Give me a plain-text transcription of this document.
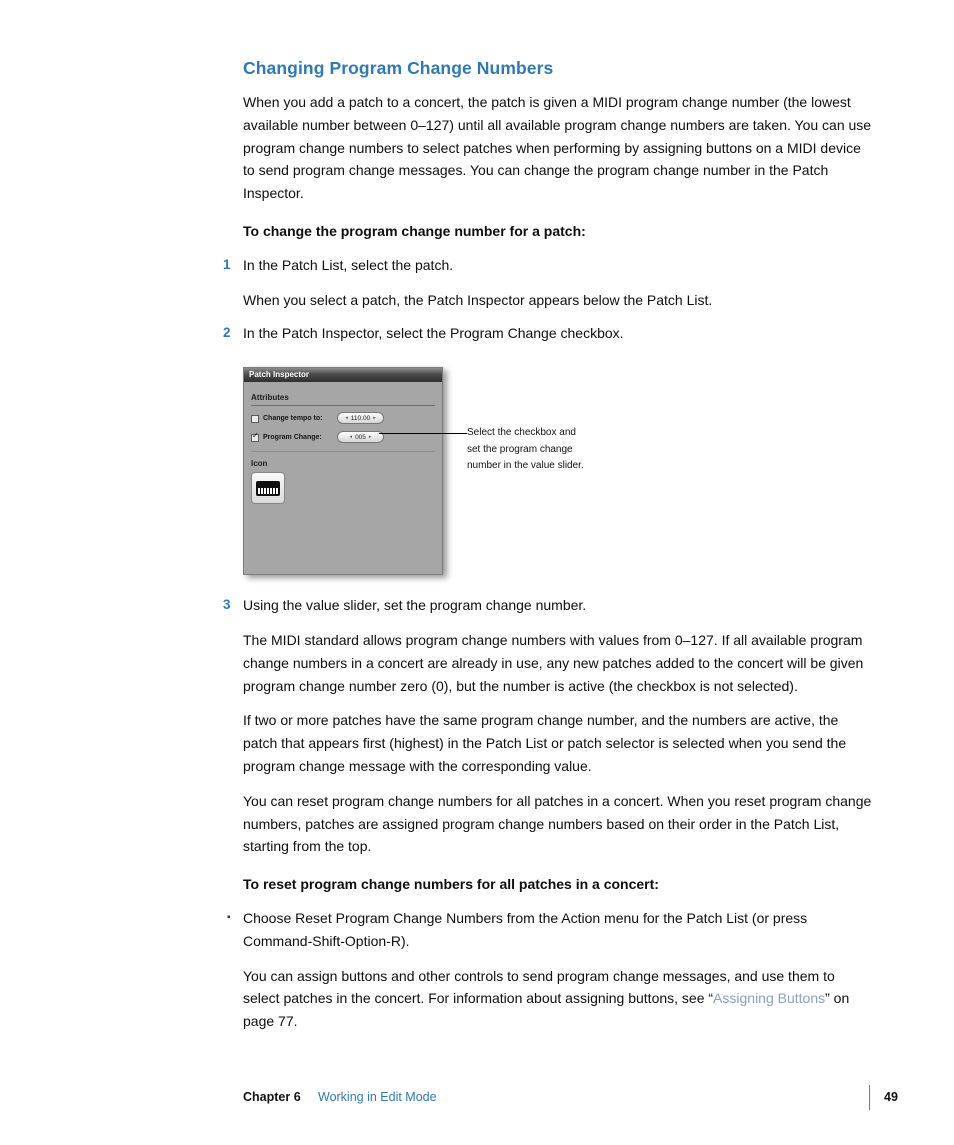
Changing Program Change Numbers

When you add a patch to a concert, the patch is given a MIDI program change number (the lowest available number between 0–127) until all available program change numbers are taken. You can use program change numbers to select patches when performing by assigning buttons on a MIDI device to send program change messages. You can change the program change number in the Patch Inspector.

To change the program change number for a patch:
1 In the Patch List, select the patch.

When you select a patch, the Patch Inspector appears below the Patch List.

2 In the Patch Inspector, select the Program Change checkbox.
Patch Inspector
Attributes
Change tempo to:	◂ 110.00 ▸
✓
Program Change:	◂ 005 ▸
Icon
Select the checkbox and set the program change number in the value slider.
3 Using the value slider, set the program change number.

The MIDI standard allows program change numbers with values from 0–127. If all available program change numbers in a concert are already in use, any new patches added to the concert will be given program change number zero (0), but the number is active (the checkbox is not selected).

If two or more patches have the same program change number, and the numbers are active, the patch that appears first (highest) in the Patch List or patch selector is selected when you send the program change message with the corresponding value.

You can reset program change numbers for all patches in a concert. When you reset program change numbers, patches are assigned program change numbers based on their order in the Patch List, starting from the top.

To reset program change numbers for all patches in a concert:
▪ Choose Reset Program Change Numbers from the Action menu for the Patch List (or press Command-Shift-Option-R).

You can assign buttons and other controls to send program change messages, and use them to select patches in the concert. For information about assigning buttons, see “Assigning Buttons” on page 77.

Chapter 6 Working in Edit Mode	49
